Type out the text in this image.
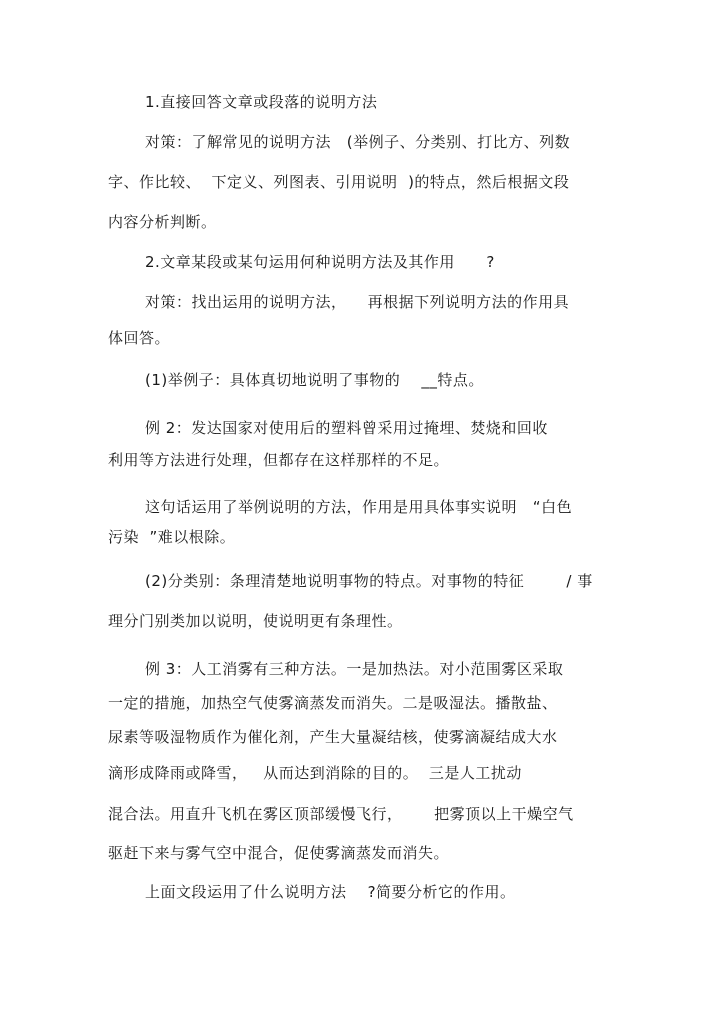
1.直接回答文章或段落的说明方法
对策：了解常见的说明方法   (举例子、分类别、打比方、列数
字、作比较、  下定义、列图表、引用说明  )的特点，然后根据文段
内容分析判断。
2.文章某段或某句运用何种说明方法及其作用      ?
对策：找出运用的说明方法，    再根据下列说明方法的作用具
体回答。
(1)举例子：具体真切地说明了事物的    __特点。
例 2：发达国家对使用后的塑料曾采用过掩埋、焚烧和回收
利用等方法进行处理，但都存在这样那样的不足。
这句话运用了举例说明的方法，作用是用具体事实说明   “白色
污染  ”难以根除。
(2)分类别：条理清楚地说明事物的特点。对事物的特征        / 事
理分门别类加以说明，使说明更有条理性。
例 3：人工消雾有三种方法。一是加热法。对小范围雾区采取
一定的措施，加热空气使雾滴蒸发而消失。二是吸湿法。播散盐、
尿素等吸湿物质作为催化剂，产生大量凝结核，使雾滴凝结成大水
滴形成降雨或降雪，   从而达到消除的目的。  三是人工扰动
混合法。用直升飞机在雾区顶部缓慢飞行，      把雾顶以上干燥空气
驱赶下来与雾气空中混合，促使雾滴蒸发而消失。
上面文段运用了什么说明方法    ?简要分析它的作用。
